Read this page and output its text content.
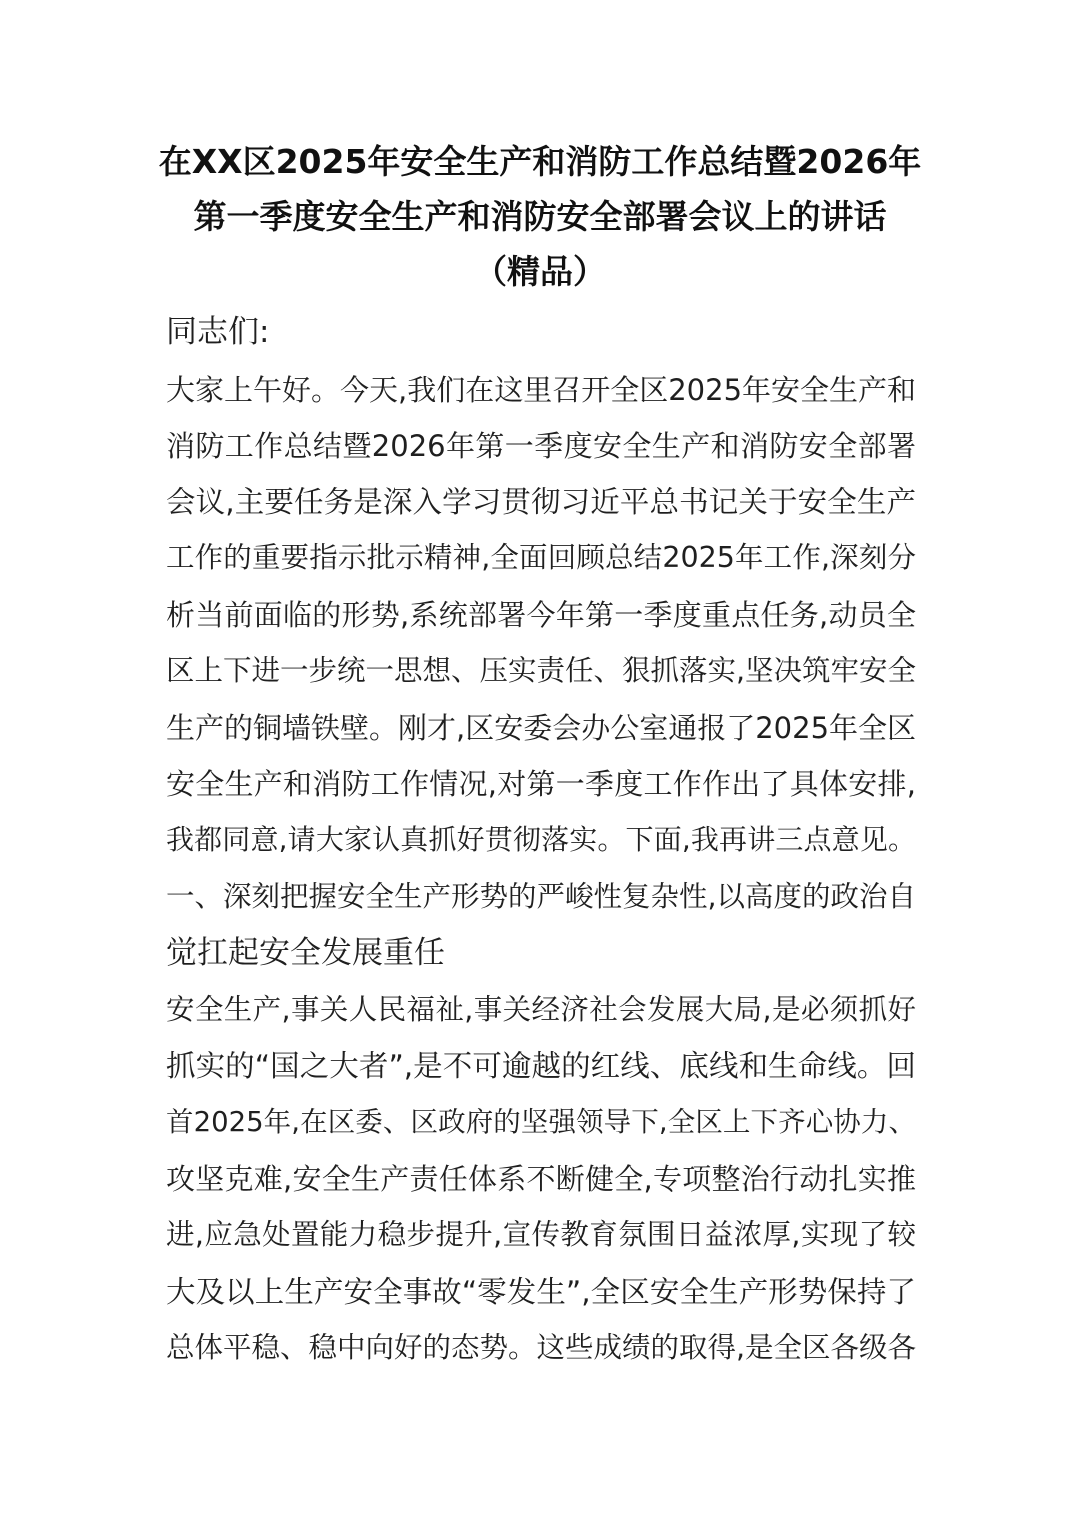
在XX区2025年安全生产和消防工作总结暨2026年
第一季度安全生产和消防安全部署会议上的讲话
（精品）
同志们:
大家上午好。今天,我们在这里召开全区2025年安全生产和
消防工作总结暨2026年第一季度安全生产和消防安全部署
会议,主要任务是深入学习贯彻习近平总书记关于安全生产
工作的重要指示批示精神,全面回顾总结2025年工作,深刻分
析当前面临的形势,系统部署今年第一季度重点任务,动员全
区上下进一步统一思想、压实责任、狠抓落实,坚决筑牢安全
生产的铜墙铁壁。刚才,区安委会办公室通报了2025年全区
安全生产和消防工作情况,对第一季度工作作出了具体安排,
我都同意,请大家认真抓好贯彻落实。下面,我再讲三点意见。
一、深刻把握安全生产形势的严峻性复杂性,以高度的政治自
觉扛起安全发展重任
安全生产,事关人民福祉,事关经济社会发展大局,是必须抓好
抓实的“国之大者”,是不可逾越的红线、底线和生命线。回
首2025年,在区委、区政府的坚强领导下,全区上下齐心协力、
攻坚克难,安全生产责任体系不断健全,专项整治行动扎实推
进,应急处置能力稳步提升,宣传教育氛围日益浓厚,实现了较
大及以上生产安全事故“零发生”,全区安全生产形势保持了
总体平稳、稳中向好的态势。这些成绩的取得,是全区各级各
